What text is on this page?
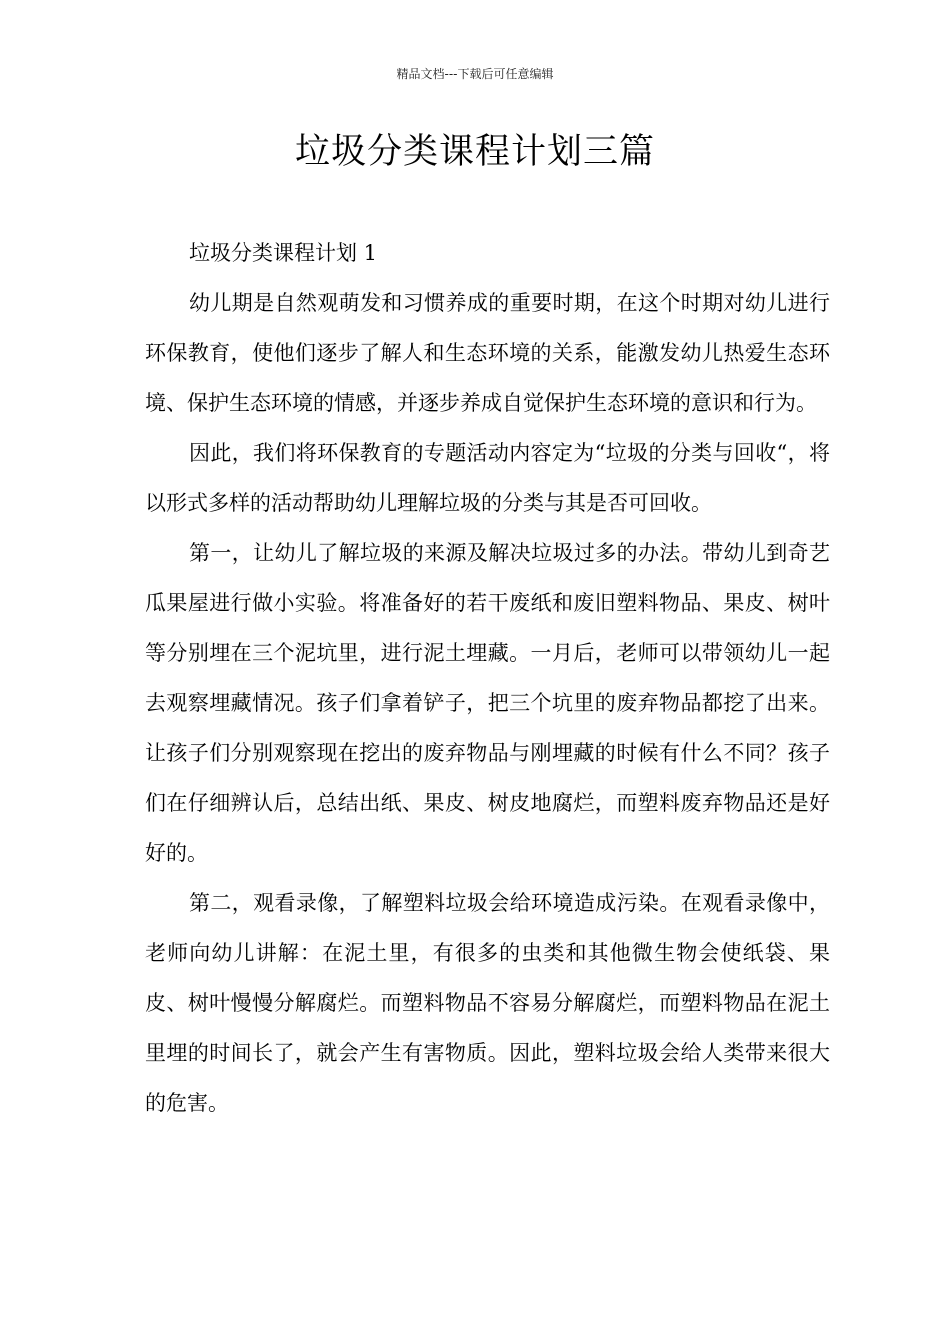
精品文档---下载后可任意编辑
垃圾分类课程计划三篇

垃圾分类课程计划 1

幼儿期是自然观萌发和习惯养成的重要时期，在这个时期对幼儿进行环保教育，使他们逐步了解人和生态环境的关系，能激发幼儿热爱生态环境、保护生态环境的情感，并逐步养成自觉保护生态环境的意识和行为。

因此，我们将环保教育的专题活动内容定为“垃圾的分类与回收“，将以形式多样的活动帮助幼儿理解垃圾的分类与其是否可回收。

第一，让幼儿了解垃圾的来源及解决垃圾过多的办法。带幼儿到奇艺瓜果屋进行做小实验。将准备好的若干废纸和废旧塑料物品、果皮、树叶等分别埋在三个泥坑里，进行泥土埋藏。一月后，老师可以带领幼儿一起去观察埋藏情况。孩子们拿着铲子，把三个坑里的废弃物品都挖了出来。让孩子们分别观察现在挖出的废弃物品与刚埋藏的时候有什么不同？孩子们在仔细辨认后，总结出纸、果皮、树皮地腐烂，而塑料废弃物品还是好好的。

第二，观看录像，了解塑料垃圾会给环境造成污染。在观看录像中，老师向幼儿讲解：在泥土里，有很多的虫类和其他微生物会使纸袋、果皮、树叶慢慢分解腐烂。而塑料物品不容易分解腐烂，而塑料物品在泥土里埋的时间长了，就会产生有害物质。因此，塑料垃圾会给人类带来很大的危害。
